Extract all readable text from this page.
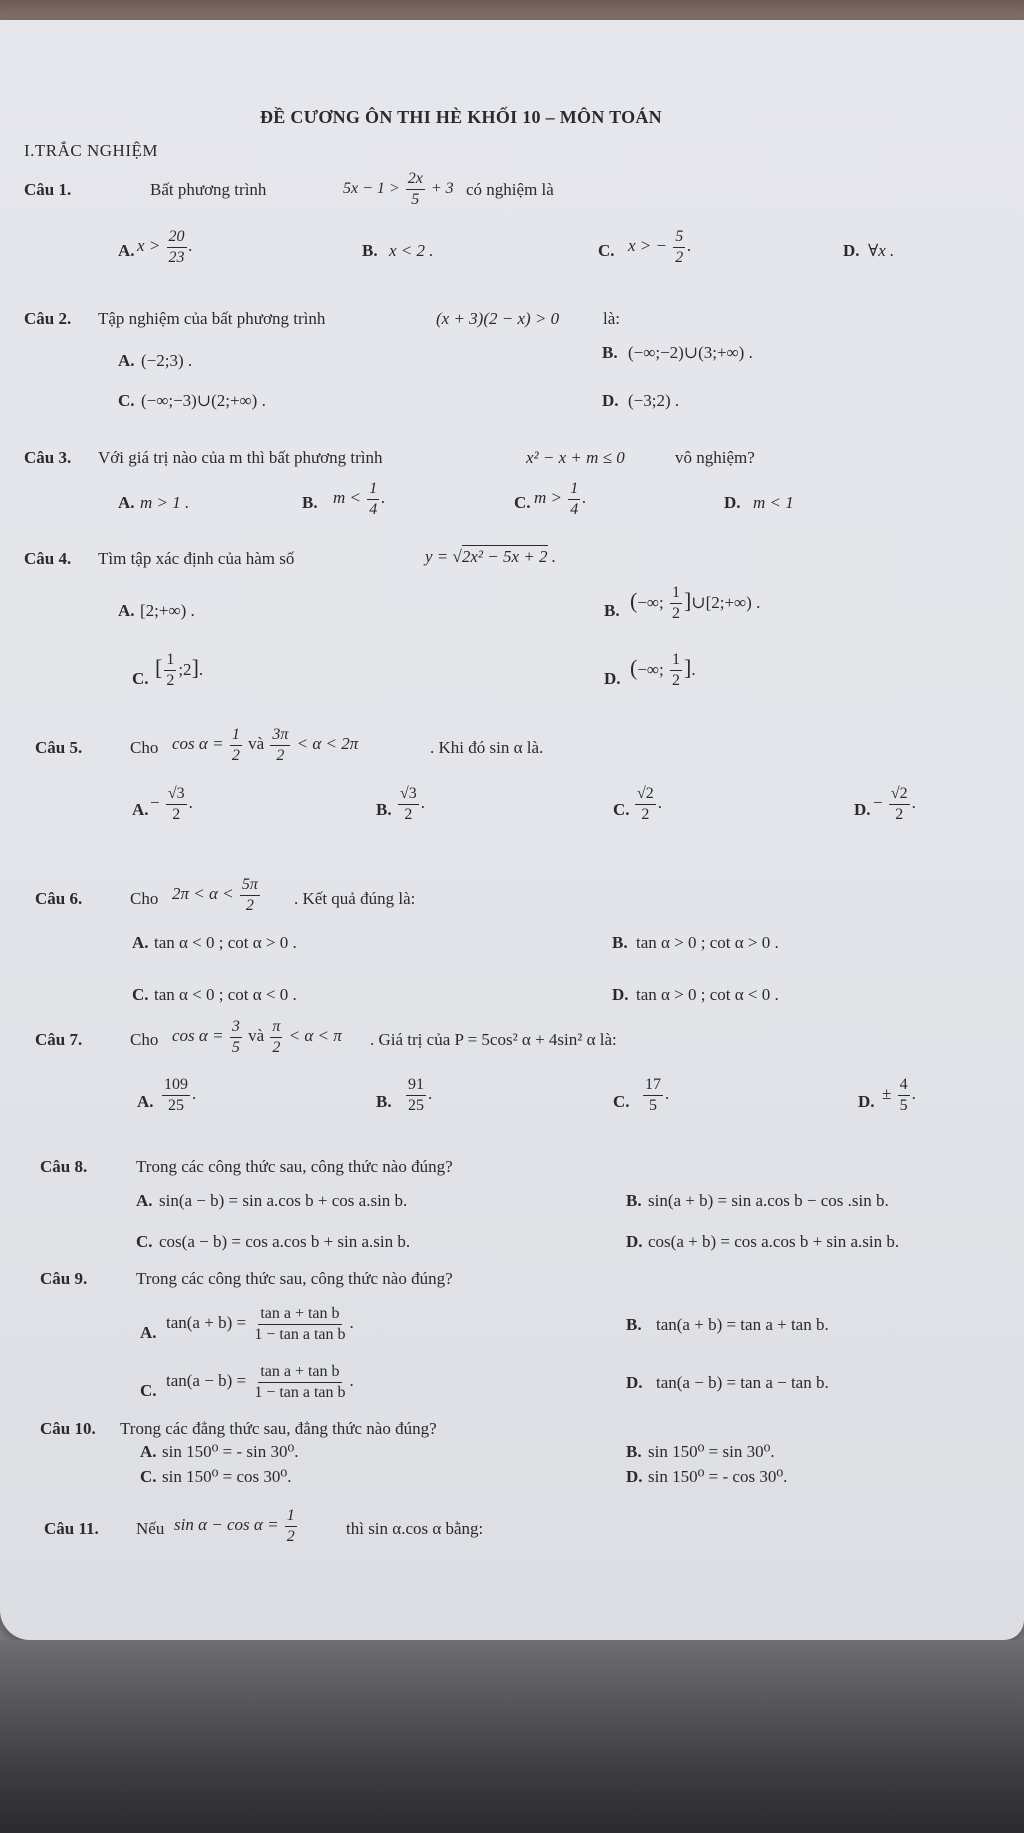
ĐỀ CƯƠNG ÔN THI HÈ KHỐI 10 – MÔN TOÁN
I.TRẮC NGHIỆM
Câu 1.	Bất phương trình	$5x - 1 > \frac{2x}{5} + 3$ có nghiệm là
A. $x > \frac{20}{23}$ .	B. x < 2 .	C. x > − $\frac{5}{2}$ .	D. ∀x .
Câu 2. Tập nghiệm của bất phương trình	(x + 3)(2 − x) > 0	là:
A. (−2;3) .	B. (−∞;−2)∪(3;+∞) .
C. (−∞;−3)∪(2;+∞) .	D. (−3;2) .
Câu 3. Với giá trị nào của m thì bất phương trình	x² − x + m ≤ 0	vô nghiệm?
A. m > 1 .	B. $m < \frac{1}{4}$ .	C. $m > \frac{1}{4}$ .	D. m < 1
Câu 4. Tìm tập xác định của hàm số	y = √2x² − 5x + 2 .
A. [2;+∞) .	B. (−∞; $\frac{1}{2}$ ]∪[2;+∞) .
C. [ $\frac{1}{2}$ ;2].	D. (−∞; $\frac{1}{2}$ ].
Câu 5.	Cho $\cos \alpha = \frac{1}{2}$ và $\frac{3\pi}{2} < \alpha < 2\pi$	. Khi đó sin α là.
A. − $\frac{√3}{2}$ .	B. $\frac{√3}{2}$ .	C. $\frac{√2}{2}$ .	D. − $\frac{√2}{2}$ .
Câu 6.	Cho $2\pi < \alpha < \frac{5\pi}{2}$ . Kết quả đúng là:
A. tan α < 0 ; cot α > 0 .	B. tan α > 0 ; cot α > 0 .
C. tan α < 0 ; cot α < 0 .	D. tan α > 0 ; cot α < 0 .
Câu 7.	Cho $\cos \alpha = \frac{3}{5}$ và $\frac{\pi}{2} < \alpha < \pi$ . Giá trị của P = 5cos² α + 4sin² α là:
A. $\frac{109}{25}$ .	B. $\frac{91}{25}$ .	C. $\frac{17}{5}$ .	D. ± $\frac{4}{5}$ .
Câu 8.	Trong các công thức sau, công thức nào đúng?
A. sin(a − b) = sin a.cos b + cos a.sin b.	B. sin(a + b) = sin a.cos b − cos .sin b.
C. cos(a − b) = cos a.cos b + sin a.sin b.	D. cos(a + b) = cos a.cos b + sin a.sin b.
Câu 9.	Trong các công thức sau, công thức nào đúng?
A.
$\tan(a + b) = \frac{\text{tan a + tan b}}{\text{1 − tan a tan b}}$ .	B. tan(a + b) = tan a + tan b.
C.
$\tan(a - b) = \frac{\text{tan a + tan b}}{\text{1 − tan a tan b}}$ .	D. tan(a − b) = tan a − tan b.
Câu 10. Trong các đẳng thức sau, đẳng thức nào đúng?
A. sin 150⁰ = - sin 30⁰.	B. sin 150⁰ = sin 30⁰.
C. sin 150⁰ = cos 30⁰.	D. sin 150⁰ = - cos 30⁰.
Câu 11. Nếu $\sin \alpha - \cos \alpha = \frac{1}{2}$	thì sin α.cos α bằng:
